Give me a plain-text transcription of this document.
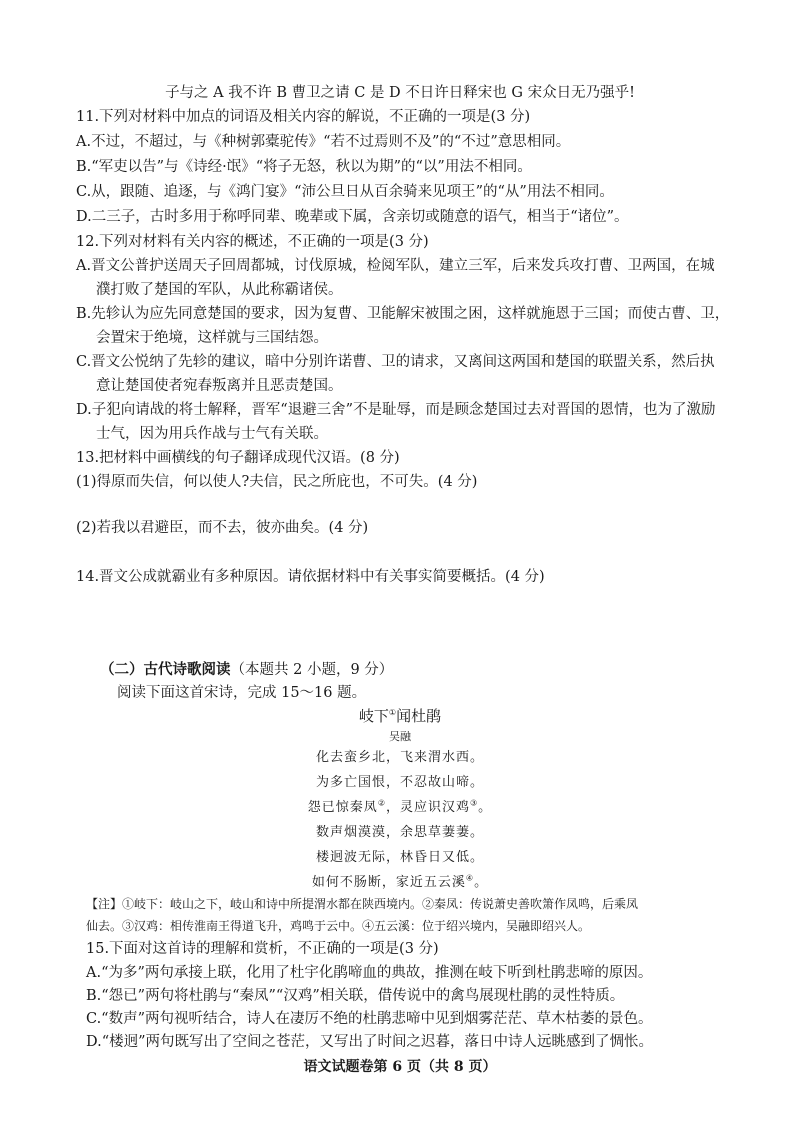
子与之 A 我不许 B 曹卫之请 C 是 D 不日许日释宋也 G 宋众日无乃强乎!
11.下列对材料中加点的词语及相关内容的解说，不正确的一项是(3 分)
A.不过，不超过，与《种树郭橐驼传》“若不过焉则不及”的“不过”意思相同。
B.“军吏以告”与《诗经·氓》“将子无怒，秋以为期”的“以”用法不相同。
C.从，跟随、追逐，与《鸿门宴》“沛公旦日从百余骑来见项王”的“从”用法不相同。
D.二三子，古时多用于称呼同辈、晚辈或下属，含亲切或随意的语气，相当于“诸位”。
12.下列对材料有关内容的概述，不正确的一项是(3 分)
A.晋文公普护送周天子回周都城，讨伐原城，检阅军队，建立三军，后来发兵攻打曹、卫两国，在城
濮打败了楚国的军队，从此称霸诸侯。
B.先轸认为应先同意楚国的要求，因为复曹、卫能解宋被围之困，这样就施恩于三国；而使古曹、卫，
会置宋于绝境，这样就与三国结怨。
C.晋文公悦纳了先轸的建议，暗中分别许诺曹、卫的请求，又离间这两国和楚国的联盟关系，然后执
意让楚国使者宛春叛离并且恶责楚国。
D.子犯向请战的将士解释，晋军“退避三舍”不是耻辱，而是顾念楚国过去对晋国的恩情，也为了激励
士气，因为用兵作战与士气有关联。
13.把材料中画横线的句子翻译成现代汉语。(8 分)
(1)得原而失信，何以使人?夫信，民之所庇也，不可失。(4 分)
(2)若我以君避臣，而不去，彼亦曲矣。(4 分)
14.晋文公成就霸业有多种原因。请依据材料中有关事实简要概括。(4 分)
（二）古代诗歌阅读（本题共 2 小题，9 分）
阅读下面这首宋诗，完成 15～16 题。
岐下①闻杜鹃
吴融
化去蛮乡北，飞来渭水西。
为多亡国恨，不忍故山啼。
怨已惊秦凤②，灵应识汉鸡③。
数声烟漠漠，余思草萋萋。
楼迥波无际，林昏日又低。
如何不肠断，家近五云溪④。
【注】①岐下：岐山之下，岐山和诗中所提渭水都在陕西境内。②秦凤：传说萧史善吹箫作凤鸣，后乘凤
仙去。③汉鸡：相传淮南王得道飞升，鸡鸣于云中。④五云溪：位于绍兴境内，吴融即绍兴人。
15.下面对这首诗的理解和赏析，不正确的一项是(3 分)
A.“为多”两句承接上联，化用了杜宇化鹃啼血的典故，推测在岐下听到杜鹃悲啼的原因。
B.“怨已”两句将杜鹃与“秦凤”“汉鸡”相关联，借传说中的禽鸟展现杜鹃的灵性特质。
C.“数声”两句视听结合，诗人在凄厉不绝的杜鹃悲啼中见到烟雾茫茫、草木枯萎的景色。
D.“楼迥”两句既写出了空间之苍茫，又写出了时间之迟暮，落日中诗人远眺感到了惆怅。
语文试题卷第 6 页（共 8 页）
